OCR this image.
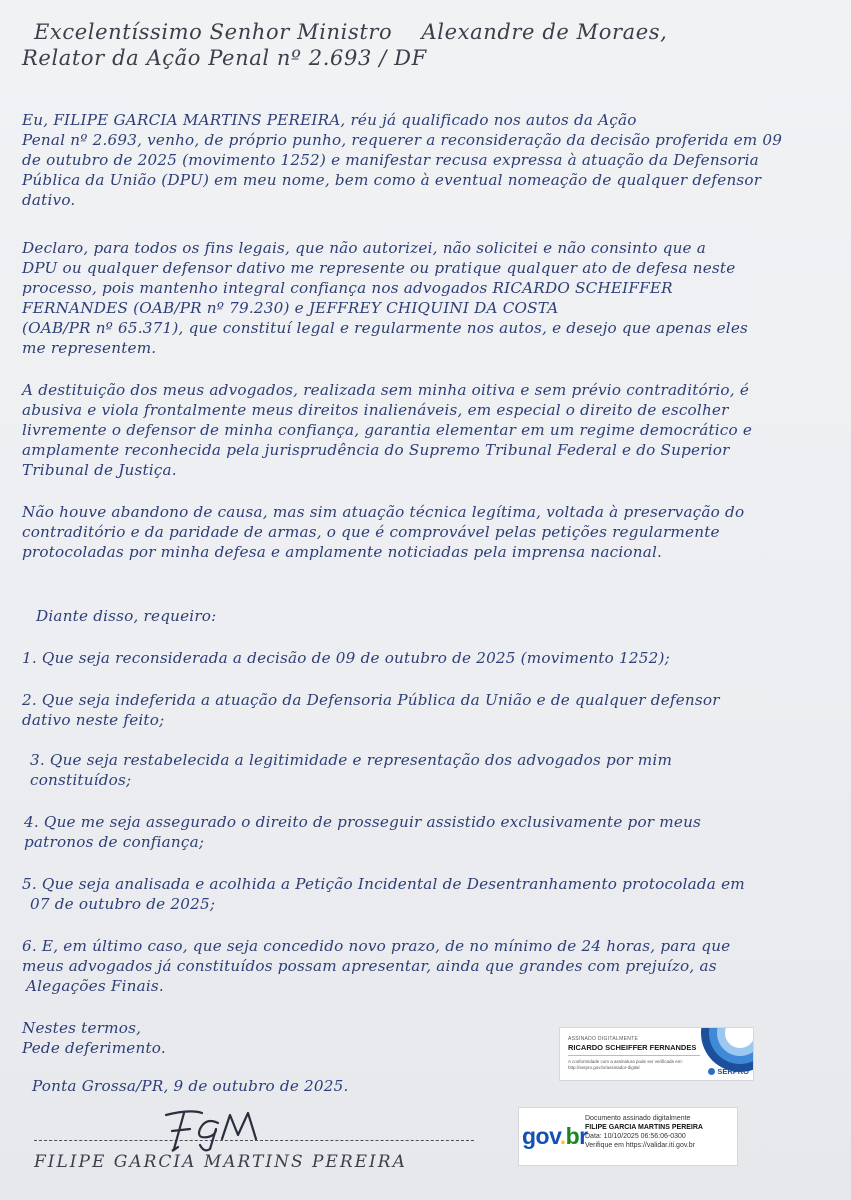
Excelentíssimo Senhor Ministro Alexandre de Moraes,
Relator da Ação Penal nº 2.693 / DF
Eu, FILIPE GARCIA MARTINS PEREIRA, réu já qualificado nos autos da Ação
Penal nº 2.693, venho, de próprio punho, requerer a reconsideração da decisão proferida em 09
de outubro de 2025 (movimento 1252) e manifestar recusa expressa à atuação da Defensoria
Pública da União (DPU) em meu nome, bem como à eventual nomeação de qualquer defensor
dativo.
Declaro, para todos os fins legais, que não autorizei, não solicitei e não consinto que a
DPU ou qualquer defensor dativo me represente ou pratique qualquer ato de defesa neste
processo, pois mantenho integral confiança nos advogados RICARDO SCHEIFFER
FERNANDES (OAB/PR nº 79.230) e JEFFREY CHIQUINI DA COSTA
(OAB/PR nº 65.371), que constituí legal e regularmente nos autos, e desejo que apenas eles
me representem.
A destituição dos meus advogados, realizada sem minha oitiva e sem prévio contraditório, é
abusiva e viola frontalmente meus direitos inalienáveis, em especial o direito de escolher
livremente o defensor de minha confiança, garantia elementar em um regime democrático e
amplamente reconhecida pela jurisprudência do Supremo Tribunal Federal e do Superior
Tribunal de Justiça.
Não houve abandono de causa, mas sim atuação técnica legítima, voltada à preservação do
contraditório e da paridade de armas, o que é comprovável pelas petições regularmente
protocoladas por minha defesa e amplamente noticiadas pela imprensa nacional.
Diante disso, requeiro:
1. Que seja reconsiderada a decisão de 09 de outubro de 2025 (movimento 1252);
2. Que seja indeferida a atuação da Defensoria Pública da União e de qualquer defensor
dativo neste feito;
3. Que seja restabelecida a legitimidade e representação dos advogados por mim
constituídos;
4. Que me seja assegurado o direito de prosseguir assistido exclusivamente por meus
patronos de confiança;
5. Que seja analisada e acolhida a Petição Incidental de Desentranhamento protocolada em
07 de outubro de 2025;
6. E, em último caso, que seja concedido novo prazo, de no mínimo de 24 horas, para que
meus advogados já constituídos possam apresentar, ainda que grandes com prejuízo, as
Alegações Finais.
Nestes termos,
Pede deferimento.
Ponta Grossa/PR, 9 de outubro de 2025.
ASSINADO DIGITALMENTE
RICARDO SCHEIFFER FERNANDES
A conformidade com a assinatura pode ser verificada em: http://serpro.gov.br/assinador-digital	SERPRO
gov.br
Documento assinado digitalmente
FILIPE GARCIA MARTINS PEREIRA
Data: 10/10/2025 06:56:06-0300
Verifique em https://validar.iti.gov.br
FILIPE GARCIA MARTINS PEREIRA
